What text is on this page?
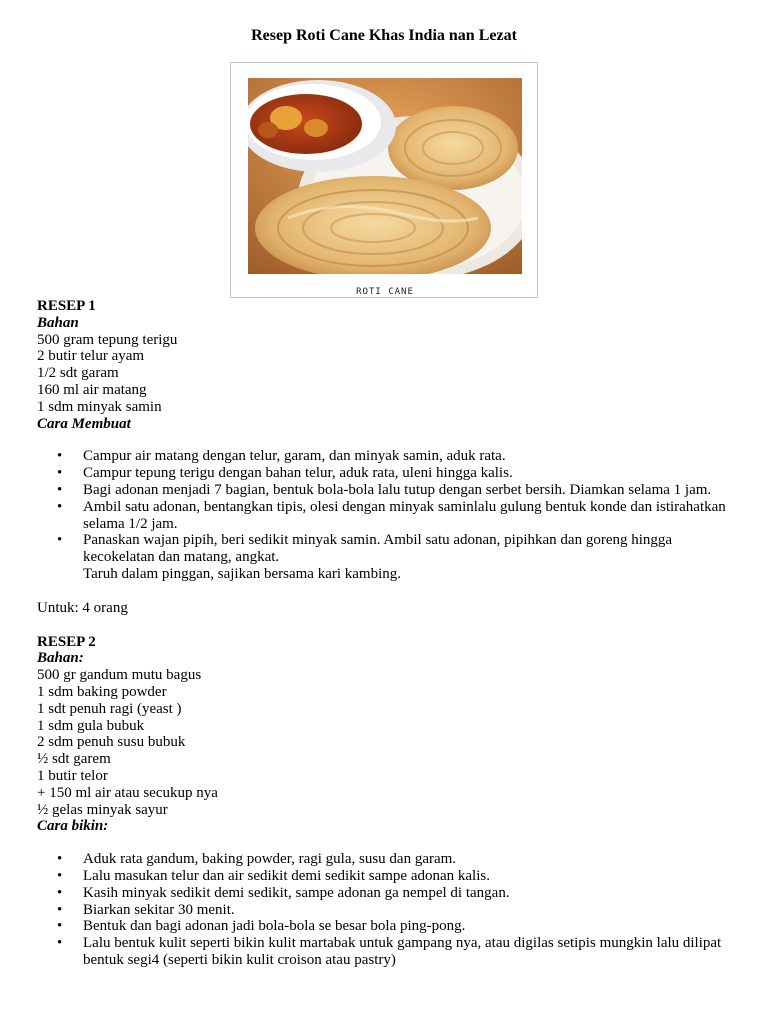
Resep Roti Cane Khas India nan Lezat
ROTI CANE

RESEP 1

Bahan

500 gram tepung terigu

2 butir telur ayam

1/2 sdt garam

160 ml air matang

1 sdm minyak samin

Cara Membuat

• Campur air matang dengan telur, garam, dan minyak samin, aduk rata.
• Campur tepung terigu dengan bahan telur, aduk rata, uleni hingga kalis.
• Bagi adonan menjadi 7 bagian, bentuk bola-bola lalu tutup dengan serbet bersih. Diamkan selama 1 jam.
• Ambil satu adonan, bentangkan tipis, olesi dengan minyak saminlalu gulung bentuk konde dan istirahatkan selama 1/2 jam.
• Panaskan wajan pipih, beri sedikit minyak samin. Ambil satu adonan, pipihkan dan goreng hingga kecokelatan dan matang, angkat.

Taruh dalam pinggan, sajikan bersama kari kambing.

Untuk: 4 orang

RESEP 2

Bahan:

500 gr gandum mutu bagus

1 sdm baking powder

1 sdt penuh ragi (yeast )

1 sdm gula bubuk

2 sdm penuh susu bubuk

½ sdt garem

1 butir telor

+ 150 ml air atau secukup nya

½ gelas minyak sayur

Cara bikin:

• Aduk rata gandum, baking powder, ragi gula, susu dan garam.
• Lalu masukan telur dan air sedikit demi sedikit sampe adonan kalis.
• Kasih minyak sedikit demi sedikit, sampe adonan ga nempel di tangan.
• Biarkan sekitar 30 menit.
• Bentuk dan bagi adonan jadi bola-bola se besar bola ping-pong.
• Lalu bentuk kulit seperti bikin kulit martabak untuk gampang nya, atau digilas setipis mungkin lalu dilipat bentuk segi4 (seperti bikin kulit croison atau pastry)
